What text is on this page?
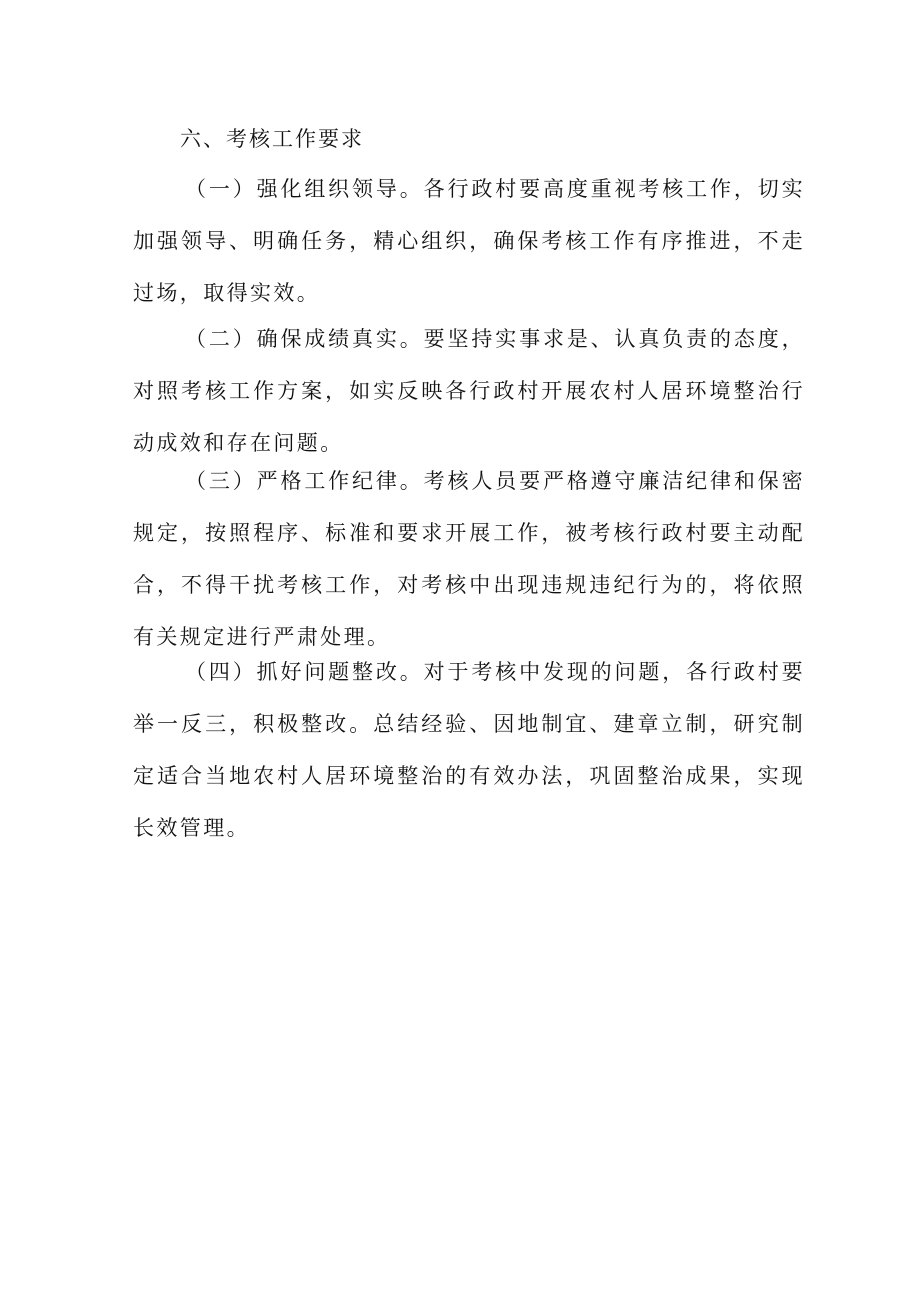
六、考核工作要求

（一）强化组织领导。各行政村要高度重视考核工作，切实加强领导、明确任务，精心组织，确保考核工作有序推进，不走过场，取得实效。

（二）确保成绩真实。要坚持实事求是、认真负责的态度，对照考核工作方案，如实反映各行政村开展农村人居环境整治行动成效和存在问题。

（三）严格工作纪律。考核人员要严格遵守廉洁纪律和保密规定，按照程序、标准和要求开展工作，被考核行政村要主动配合，不得干扰考核工作，对考核中出现违规违纪行为的，将依照有关规定进行严肃处理。

（四）抓好问题整改。对于考核中发现的问题，各行政村要举一反三，积极整改。总结经验、因地制宜、建章立制，研究制定适合当地农村人居环境整治的有效办法，巩固整治成果，实现长效管理。
